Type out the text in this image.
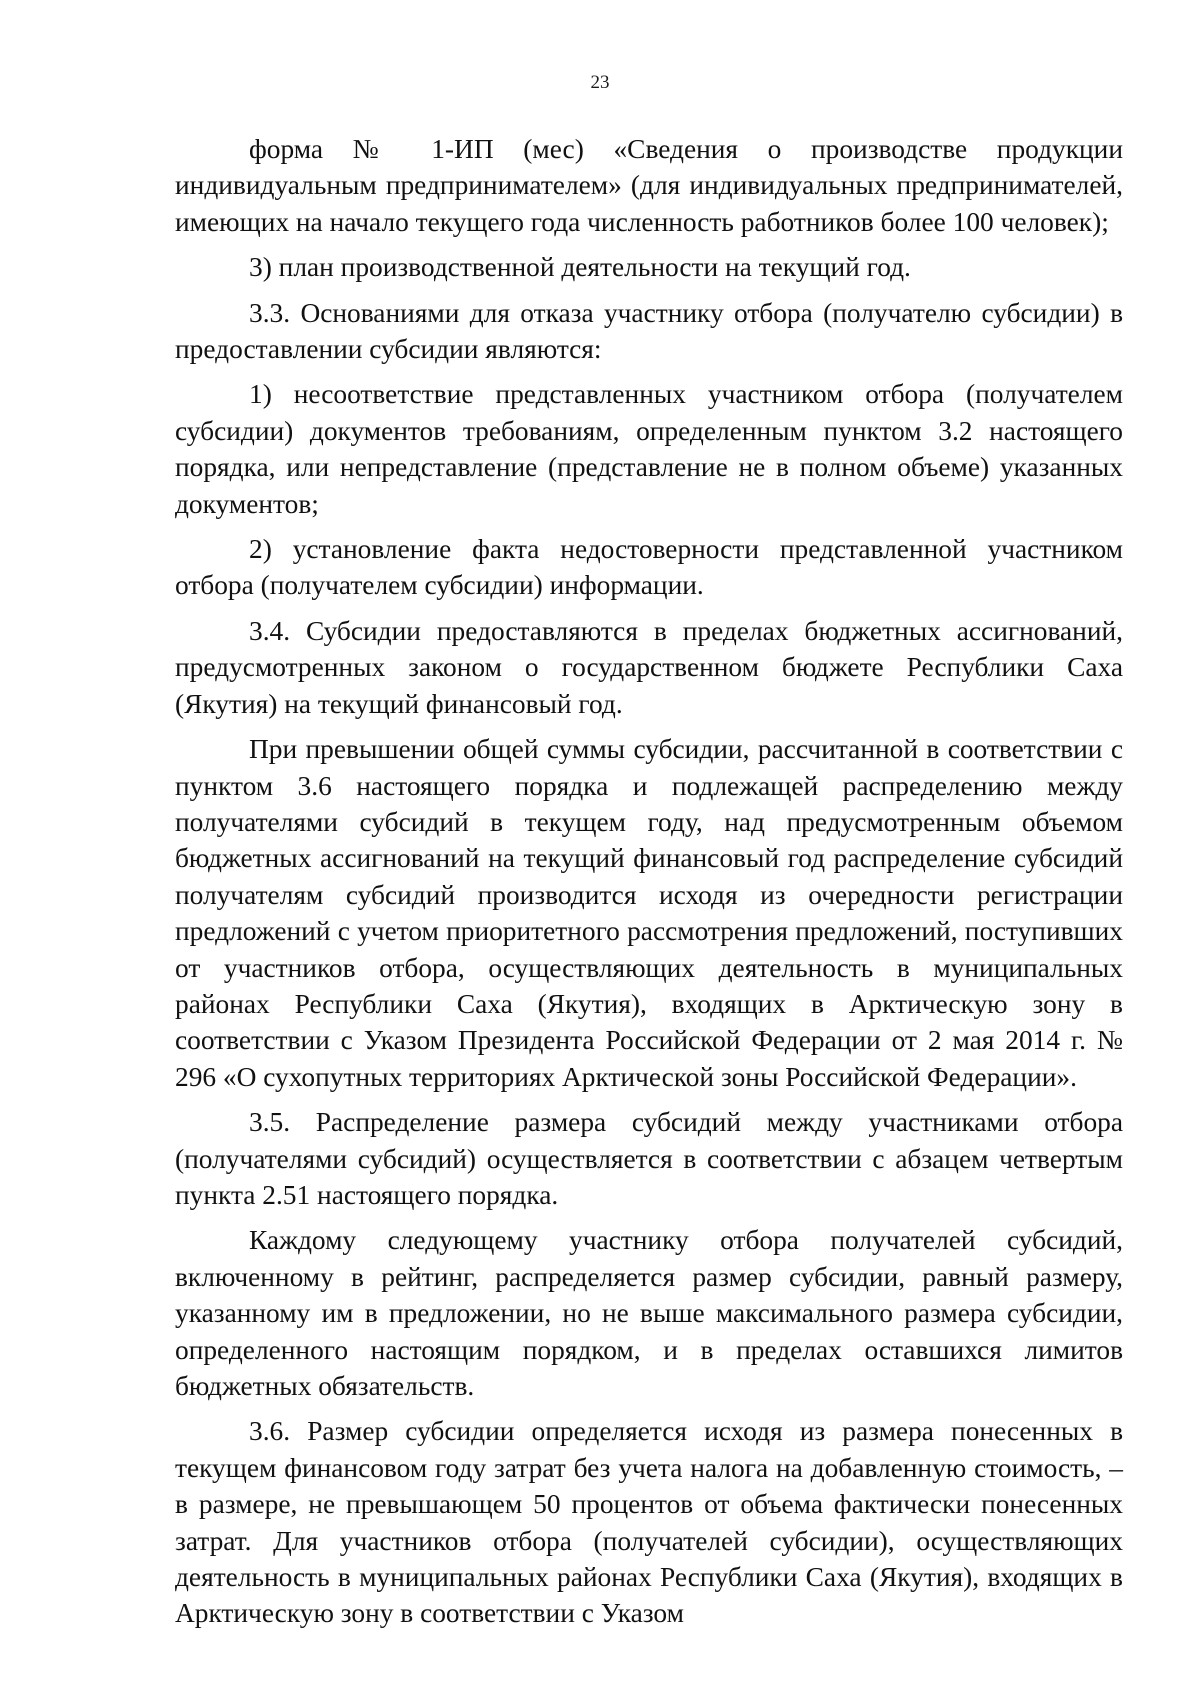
23

форма № 1-ИП (мес) «Сведения о производстве продукции индивидуальным предпринимателем» (для индивидуальных предпринимателей, имеющих на начало текущего года численность работников более 100 человек);

3) план производственной деятельности на текущий год.

3.3. Основаниями для отказа участнику отбора (получателю субсидии) в предоставлении субсидии являются:

1) несоответствие представленных участником отбора (получателем субсидии) документов требованиям, определенным пунктом 3.2 настоящего порядка, или непредставление (представление не в полном объеме) указанных документов;

2) установление факта недостоверности представленной участником отбора (получателем субсидии) информации.

3.4. Субсидии предоставляются в пределах бюджетных ассигнований, предусмотренных законом о государственном бюджете Республики Саха (Якутия) на текущий финансовый год.

При превышении общей суммы субсидии, рассчитанной в соответствии с пунктом 3.6 настоящего порядка и подлежащей распределению между получателями субсидий в текущем году, над предусмотренным объемом бюджетных ассигнований на текущий финансовый год распределение субсидий получателям субсидий производится исходя из очередности регистрации предложений с учетом приоритетного рассмотрения предложений, поступивших от участников отбора, осуществляющих деятельность в муниципальных районах Республики Саха (Якутия), входящих в Арктическую зону в соответствии с Указом Президента Российской Федерации от 2 мая 2014 г. № 296 «О сухопутных территориях Арктической зоны Российской Федерации».

3.5. Распределение размера субсидий между участниками отбора (получателями субсидий) осуществляется в соответствии с абзацем четвертым пункта 2.51 настоящего порядка.

Каждому следующему участнику отбора получателей субсидий, включенному в рейтинг, распределяется размер субсидии, равный размеру, указанному им в предложении, но не выше максимального размера субсидии, определенного настоящим порядком, и в пределах оставшихся лимитов бюджетных обязательств.

3.6. Размер субсидии определяется исходя из размера понесенных в текущем финансовом году затрат без учета налога на добавленную стоимость, – в размере, не превышающем 50 процентов от объема фактически понесенных затрат. Для участников отбора (получателей субсидии), осуществляющих деятельность в муниципальных районах Республики Саха (Якутия), входящих в Арктическую зону в соответствии с Указом
